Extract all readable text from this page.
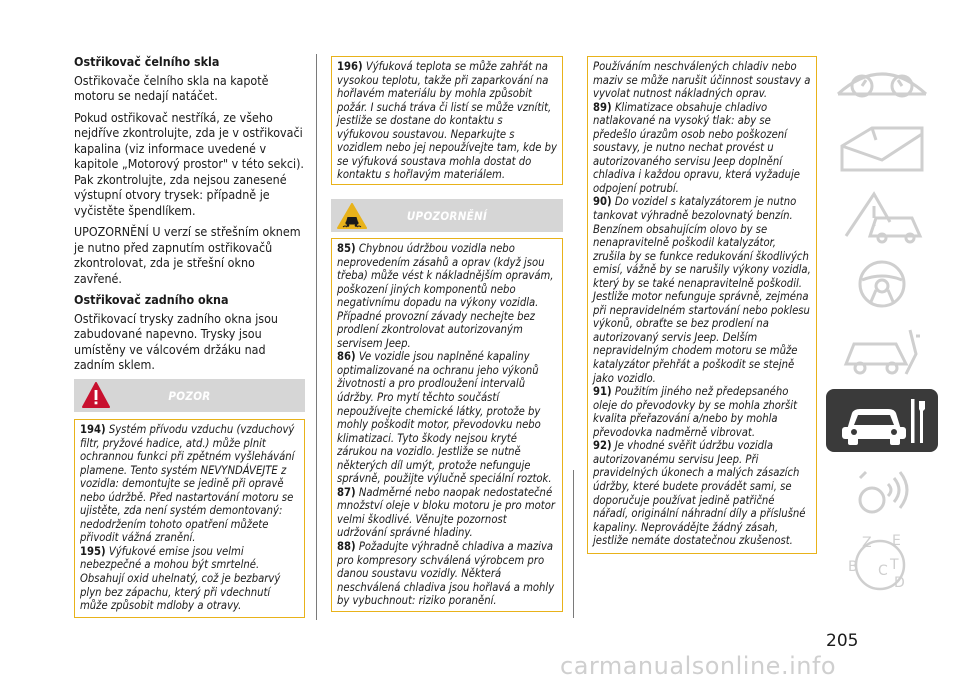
Ostřikovač čelního skla

Ostřikovače čelního skla na kapotě motoru se nedají natáčet.

Pokud ostřikovač nestříká, ze všeho nejdříve zkontrolujte, zda je v ostřikovači kapalina (viz informace uvedené v kapitole „Motorový prostor" v této sekci). Pak zkontrolujte, zda nejsou zanesené výstupní otvory trysek: případně je vyčistěte špendlíkem.

UPOZORNĚNÍ U verzí se střešním oknem je nutno před zapnutím ostřikovačů zkontrolovat, zda je střešní okno zavřené.

Ostřikovač zadního okna

Ostřikovací trysky zadního okna jsou zabudované napevno. Trysky jsou umístěny ve válcovém držáku nad zadním sklem.

POZOR

194) Systém přívodu vzduchu (vzduchový filtr, pryžové hadice, atd.) může plnit ochrannou funkci při zpětném vyšlehávání plamene. Tento systém NEVYNDÁVEJTE z vozidla: demontujte se jedině při opravě nebo údržbě. Před nastartování motoru se ujistěte, zda není systém demontovaný: nedodržením tohoto opatření můžete přivodit vážná zranění.

195) Výfukové emise jsou velmi nebezpečné a mohou být smrtelné. Obsahují oxid uhelnatý, což je bezbarvý plyn bez zápachu, který při vdechnutí může způsobit mdloby a otravy.

196) Výfuková teplota se může zahřát na vysokou teplotu, takže při zaparkování na hořlavém materiálu by mohla způsobit požár. I suchá tráva či listí se může vznítit, jestliže se dostane do kontaktu s výfukovou soustavou. Neparkujte s vozidlem nebo jej nepoužívejte tam, kde by se výfuková soustava mohla dostat do kontaktu s hořlavým materiálem.

UPOZORNĚNÍ

85) Chybnou údržbou vozidla nebo neprovedením zásahů a oprav (když jsou třeba) může vést k nákladnějším opravám, poškození jiných komponentů nebo negativnímu dopadu na výkony vozidla. Případné provozní závady nechejte bez prodlení zkontrolovat autorizovaným servisem Jeep.

86) Ve vozidle jsou naplněné kapaliny optimalizované na ochranu jeho výkonů životnosti a pro prodloužení intervalů údržby. Pro mytí těchto součástí nepoužívejte chemické látky, protože by mohly poškodit motor, převodovku nebo klimatizaci. Tyto škody nejsou kryté zárukou na vozidlo. Jestliže se nutně některých díl umýt, protože nefunguje správně, použijte výlučně speciální roztok.

87) Nadměrné nebo naopak nedostatečné množství oleje v bloku motoru je pro motor velmi škodlivé. Věnujte pozornost udržování správné hladiny.

88) Požadujte výhradně chladiva a maziva pro kompresory schválená výrobcem pro danou soustavu vozidly. Některá neschválená chladiva jsou hořlavá a mohly by vybuchnout: riziko poranění.

Používáním neschválených chladiv nebo maziv se může narušit účinnost soustavy a vyvolat nutnost nákladných oprav.

89) Klimatizace obsahuje chladivo natlakované na vysoký tlak: aby se předešlo úrazům osob nebo poškození soustavy, je nutno nechat provést u autorizovaného servisu Jeep doplnění chladiva i každou opravu, která vyžaduje odpojení potrubí.

90) Do vozidel s katalyzátorem je nutno tankovat výhradně bezolovnatý benzín. Benzínem obsahujícím olovo by se nenapravitelně poškodil katalyzátor, zrušila by se funkce redukování škodlivých emisí, vážně by se narušily výkony vozidla, který by se také nenapravitelně poškodil. Jestliže motor nefunguje správně, zejména při nepravidelném startování nebo poklesu výkonů, obraťte se bez prodlení na autorizovaný servis Jeep. Delším nepravidelným chodem motoru se může katalyzátor přehřát a poškodit se stejně jako vozidlo.

91) Použitím jiného než předepsaného oleje do převodovky by se mohla zhoršit kvalita přeřazování a/nebo by mohla převodovka nadměrně vibrovat.

92) Je vhodné svěřit údržbu vozidla autorizovanému servisu Jeep. Při pravidelných úkonech a malých zásazích údržby, které budete provádět sami, se doporučuje používat jedině patřičné nářadí, originální náhradní díly a příslušné kapaliny. Neprovádějte žádný zásah, jestliže nemáte dostatečnou zkušenost.	Z E
B C T
D
205
carmanualsonline.info
